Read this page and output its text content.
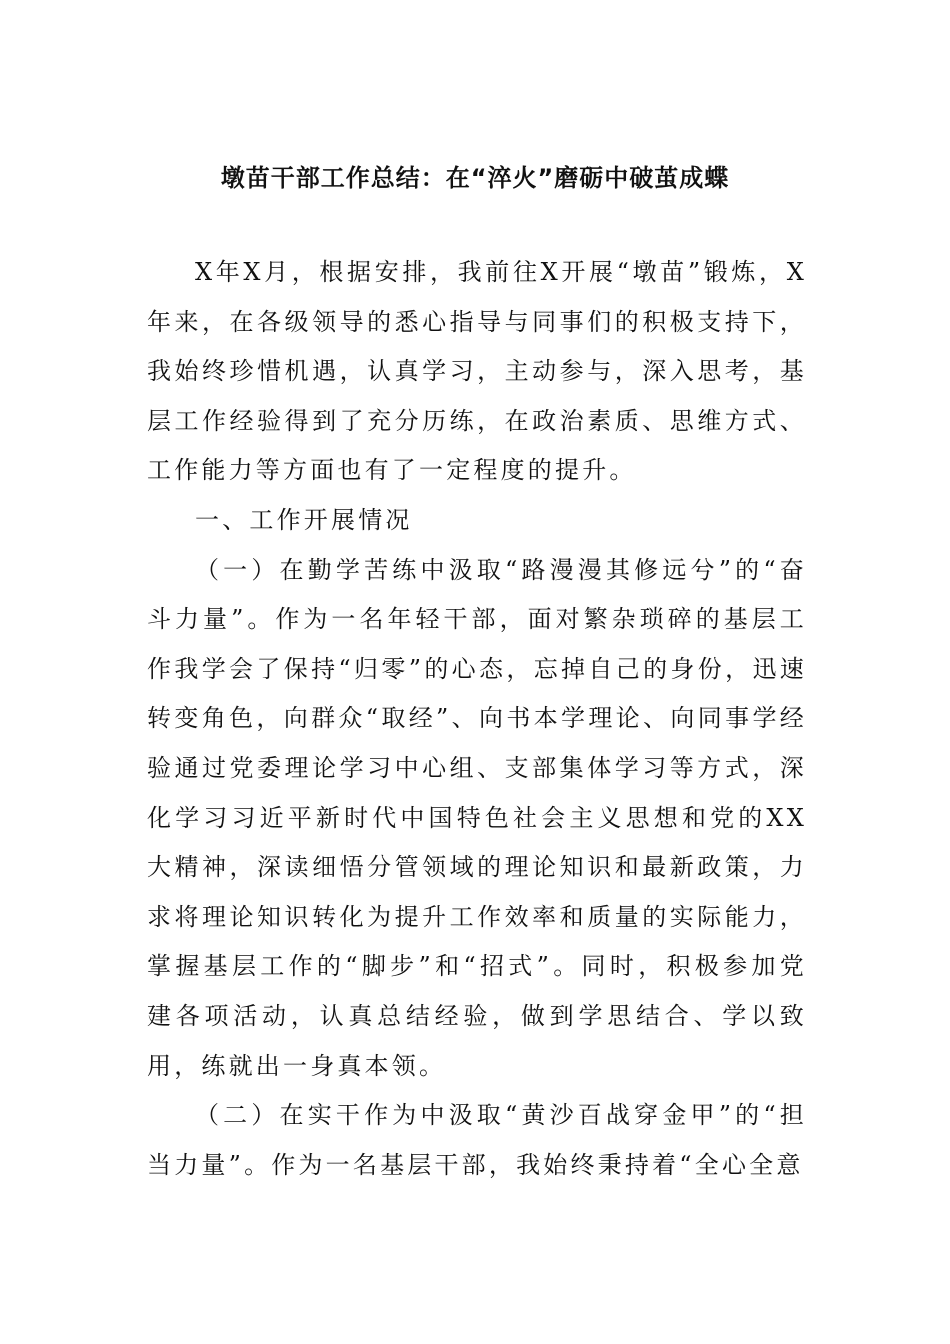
墩苗干部工作总结：在“淬火”磨砺中破茧成蝶

X年X月，根据安排，我前往X开展“墩苗”锻炼，X年来，在各级领导的悉心指导与同事们的积极支持下，我始终珍惜机遇，认真学习，主动参与，深入思考，基层工作经验得到了充分历练，在政治素质、思维方式、工作能力等方面也有了一定程度的提升。

一、工作开展情况

（一）在勤学苦练中汲取“路漫漫其修远兮”的“奋斗力量”。作为一名年轻干部，面对繁杂琐碎的基层工作我学会了保持“归零”的心态，忘掉自己的身份，迅速转变角色，向群众“取经”、向书本学理论、向同事学经验通过党委理论学习中心组、支部集体学习等方式，深化学习习近平新时代中国特色社会主义思想和党的XX大精神，深读细悟分管领域的理论知识和最新政策，力求将理论知识转化为提升工作效率和质量的实际能力，掌握基层工作的“脚步”和“招式”。同时，积极参加党建各项活动，认真总结经验，做到学思结合、学以致用，练就出一身真本领。

（二）在实干作为中汲取“黄沙百战穿金甲”的“担当力量”。作为一名基层干部，我始终秉持着“全心全意
